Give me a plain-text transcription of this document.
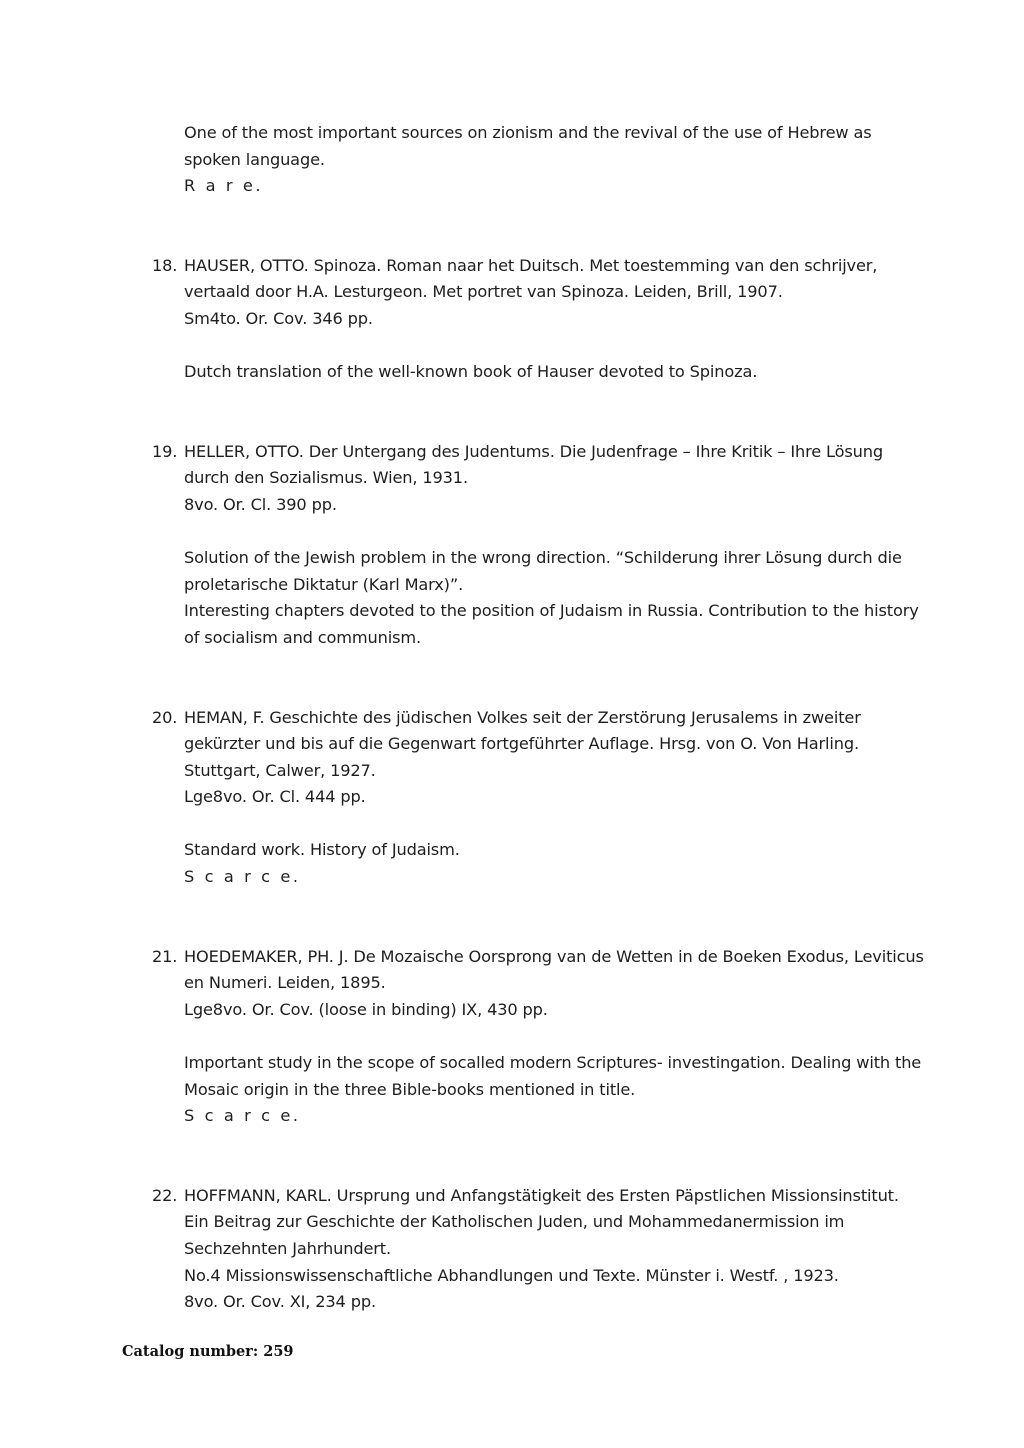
One of the most important sources on zionism and the revival of the use of Hebrew as
spoken language.
R a r e.
18. HAUSER, OTTO. Spinoza. Roman naar het Duitsch. Met toestemming van den schrijver,
vertaald door H.A. Lesturgeon. Met portret van Spinoza. Leiden, Brill, 1907.
Sm4to. Or. Cov. 346 pp.
Dutch translation of the well-known book of Hauser devoted to Spinoza.
19. HELLER, OTTO. Der Untergang des Judentums. Die Judenfrage – Ihre Kritik – Ihre Lösung
durch den Sozialismus. Wien, 1931.
8vo. Or. Cl. 390 pp.
Solution of the Jewish problem in the wrong direction. “Schilderung ihrer Lösung durch die
proletarische Diktatur (Karl Marx)”.
Interesting chapters devoted to the position of Judaism in Russia. Contribution to the history
of socialism and communism.
20. HEMAN, F. Geschichte des jüdischen Volkes seit der Zerstörung Jerusalems in zweiter
gekürzter und bis auf die Gegenwart fortgeführter Auflage. Hrsg. von O. Von Harling.
Stuttgart, Calwer, 1927.
Lge8vo. Or. Cl. 444 pp.
Standard work. History of Judaism.
S c a r c e.
21. HOEDEMAKER, PH. J. De Mozaische Oorsprong van de Wetten in de Boeken Exodus, Leviticus
en Numeri. Leiden, 1895.
Lge8vo. Or. Cov. (loose in binding) IX, 430 pp.
Important study in the scope of socalled modern Scriptures- investingation. Dealing with the
Mosaic origin in the three Bible-books mentioned in title.
S c a r c e.
22. HOFFMANN, KARL. Ursprung und Anfangstätigkeit des Ersten Päpstlichen Missionsinstitut.
Ein Beitrag zur Geschichte der Katholischen Juden, und Mohammedanermission im
Sechzehnten Jahrhundert.
No.4 Missionswissenschaftliche Abhandlungen und Texte. Münster i. Westf. , 1923.
8vo. Or. Cov. XI, 234 pp.
Catalog number: 259
